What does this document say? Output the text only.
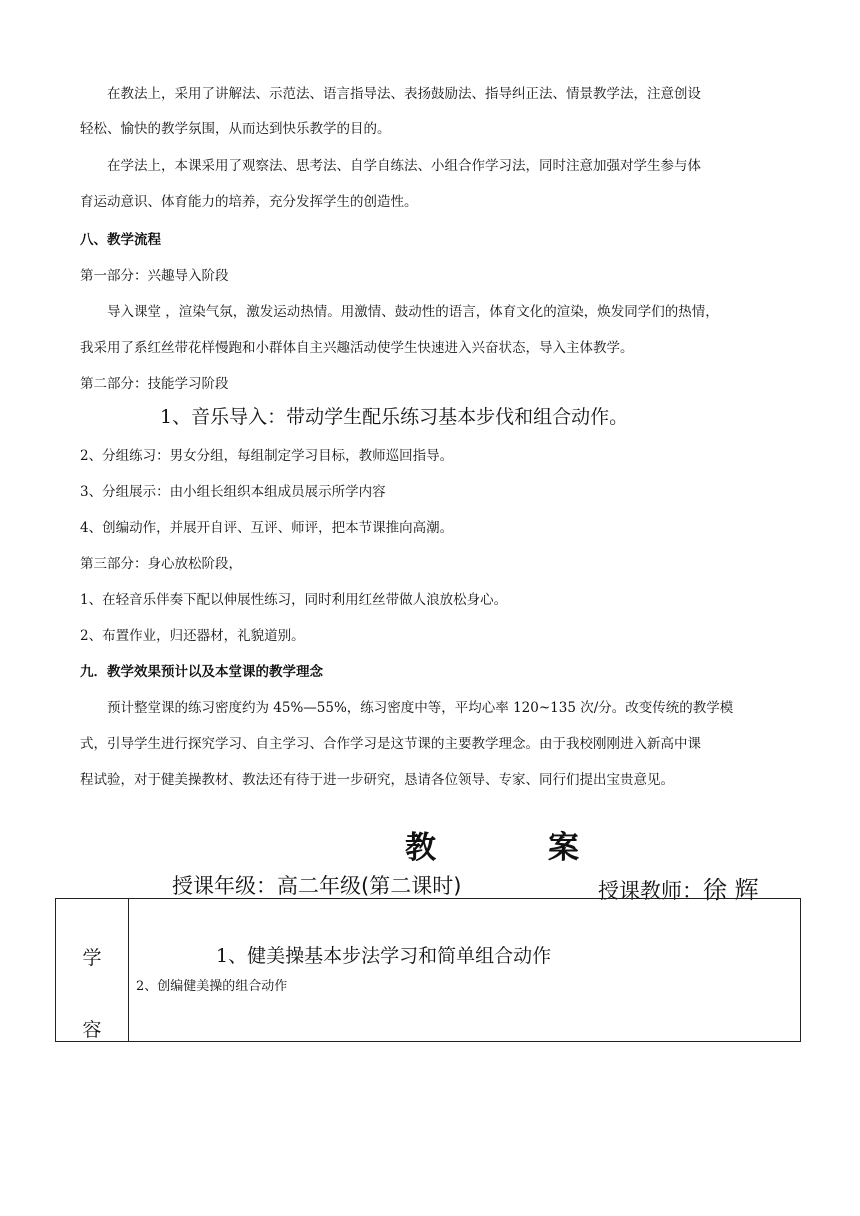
在教法上，采用了讲解法、示范法、语言指导法、表扬鼓励法、指导纠正法、情景教学法，注意创设
轻松、愉快的教学氛围，从而达到快乐教学的目的。
在学法上，本课采用了观察法、思考法、自学自练法、小组合作学习法，同时注意加强对学生参与体
育运动意识、体育能力的培养，充分发挥学生的创造性。
八、教学流程
第一部分：兴趣导入阶段
导入课堂 ，渲染气氛，激发运动热情。用激情、鼓动性的语言，体育文化的渲染，焕发同学们的热情，
我采用了系红丝带花样慢跑和小群体自主兴趣活动使学生快速进入兴奋状态，导入主体教学。
第二部分：技能学习阶段
1、音乐导入：带动学生配乐练习基本步伐和组合动作。
2、分组练习：男女分组，每组制定学习目标，教师巡回指导。
3、分组展示：由小组长组织本组成员展示所学内容
4、创编动作，并展开自评、互评、师评，把本节课推向高潮。
第三部分：身心放松阶段，
1、在轻音乐伴奏下配以伸展性练习，同时利用红丝带做人浪放松身心。
2、布置作业，归还器材，礼貌道别。
九．教学效果预计以及本堂课的教学理念
预计整堂课的练习密度约为 45%—55%，练习密度中等，平均心率 120~135 次/分。改变传统的教学模
式，引导学生进行探究学习、自主学习、合作学习是这节课的主要教学理念。由于我校刚刚进入新高中课
程试验，对于健美操教材、教法还有待于进一步研究，恳请各位领导、专家、同行们提出宝贵意见。
教	案
授课年级：高二年级(第二课时)	授课教师：徐 辉
学
容
1、健美操基本步法学习和简单组合动作
2、创编健美操的组合动作
